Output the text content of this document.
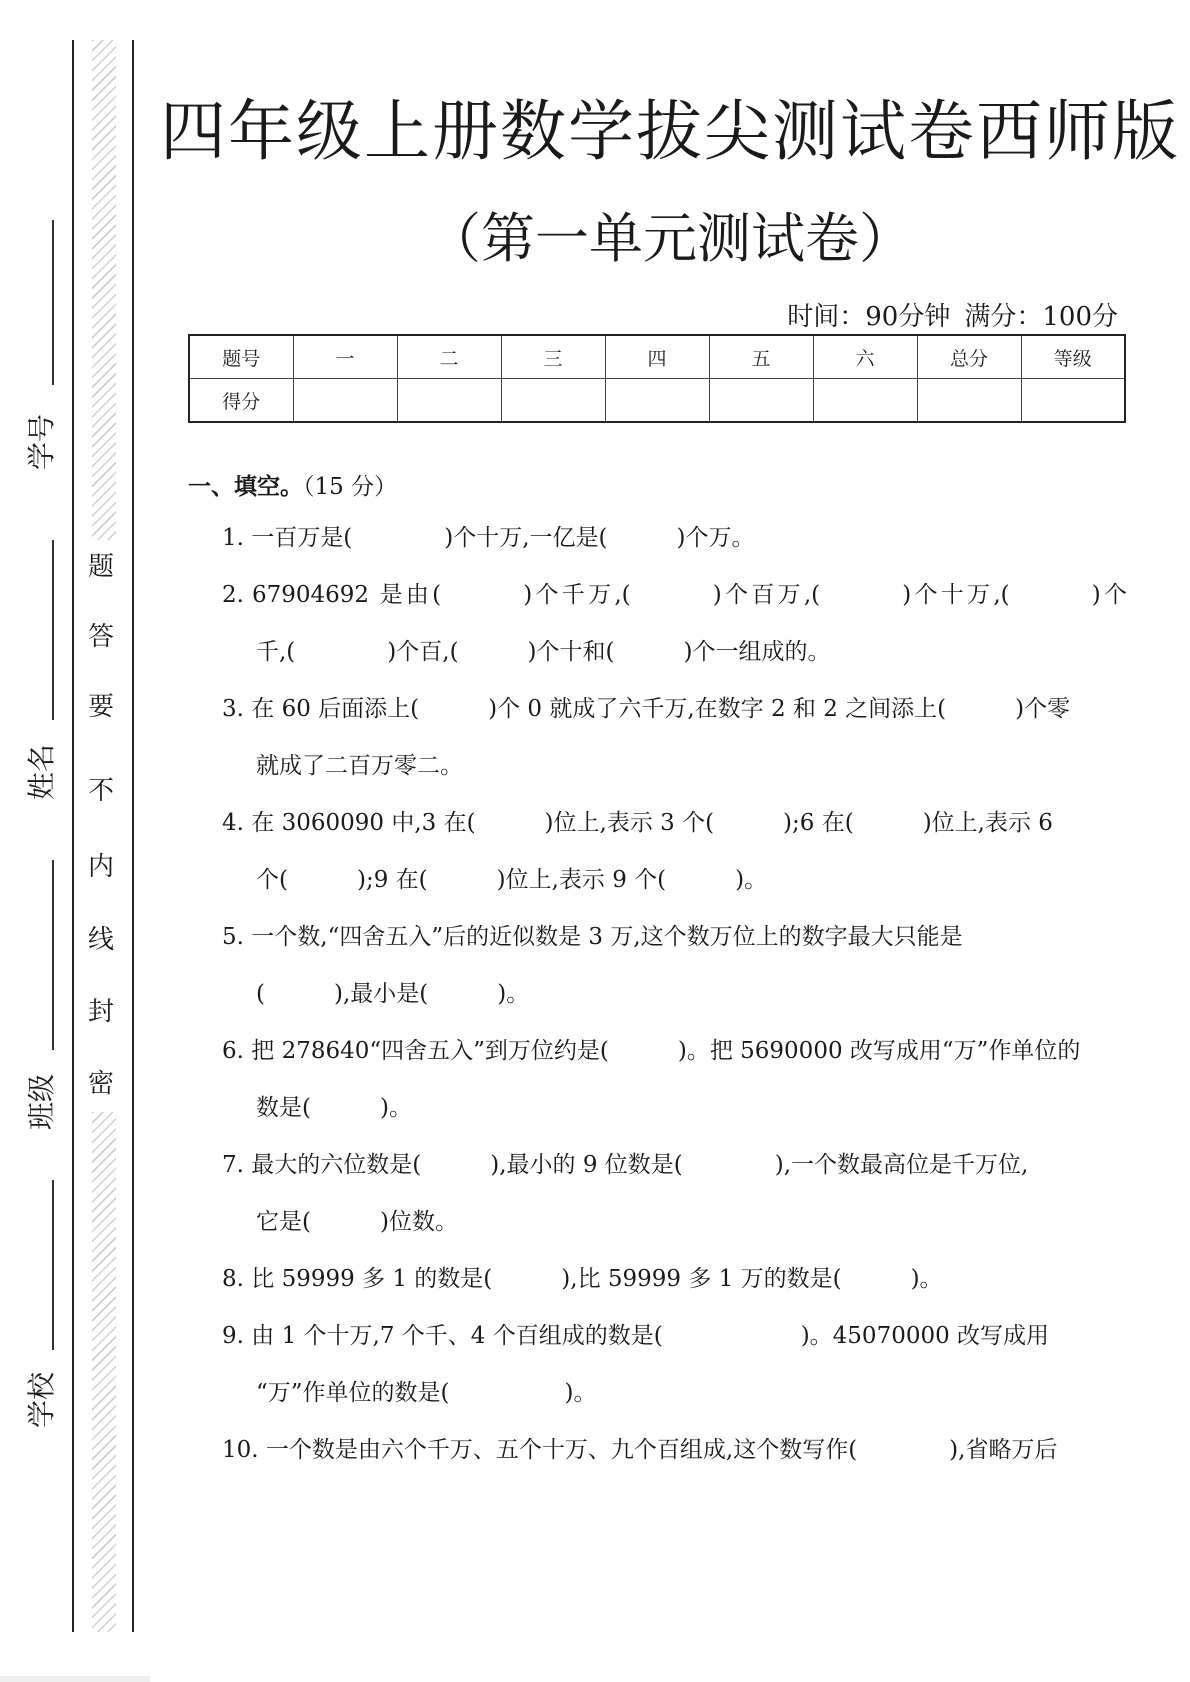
题
答
要
不
内
线
封
密
学号
姓名
班级
学校
四年级上册数学拔尖测试卷西师版
（第一单元测试卷）
时间：90分钟 满分：100分
题号	一	二	三	四	五	六	总分	等级
得分								
一、填空。（15 分）
1. 一百万是(　　　　)个十万,一亿是(　　　)个万。
2. 67904692 是由(　　　)个千万,(　　　)个百万,(　　　)个十万,(　　　)个
千,(　　　　)个百,(　　　)个十和(　　　)个一组成的。
3. 在 60 后面添上(　　　)个 0 就成了六千万,在数字 2 和 2 之间添上(　　　)个零
就成了二百万零二。
4. 在 3060090 中,3 在(　　　)位上,表示 3 个(　　　);6 在(　　　)位上,表示 6
个(　　　);9 在(　　　)位上,表示 9 个(　　　)。
5. 一个数,“四舍五入”后的近似数是 3 万,这个数万位上的数字最大只能是
(　　　),最小是(　　　)。
6. 把 278640“四舍五入”到万位约是(　　　)。把 5690000 改写成用“万”作单位的
数是(　　　)。
7. 最大的六位数是(　　　),最小的 9 位数是(　　　　),一个数最高位是千万位,
它是(　　　)位数。
8. 比 59999 多 1 的数是(　　　),比 59999 多 1 万的数是(　　　)。
9. 由 1 个十万,7 个千、4 个百组成的数是(　　　　　　)。45070000 改写成用
“万”作单位的数是(　　　　　)。
10. 一个数是由六个千万、五个十万、九个百组成,这个数写作(　　　　),省略万后
